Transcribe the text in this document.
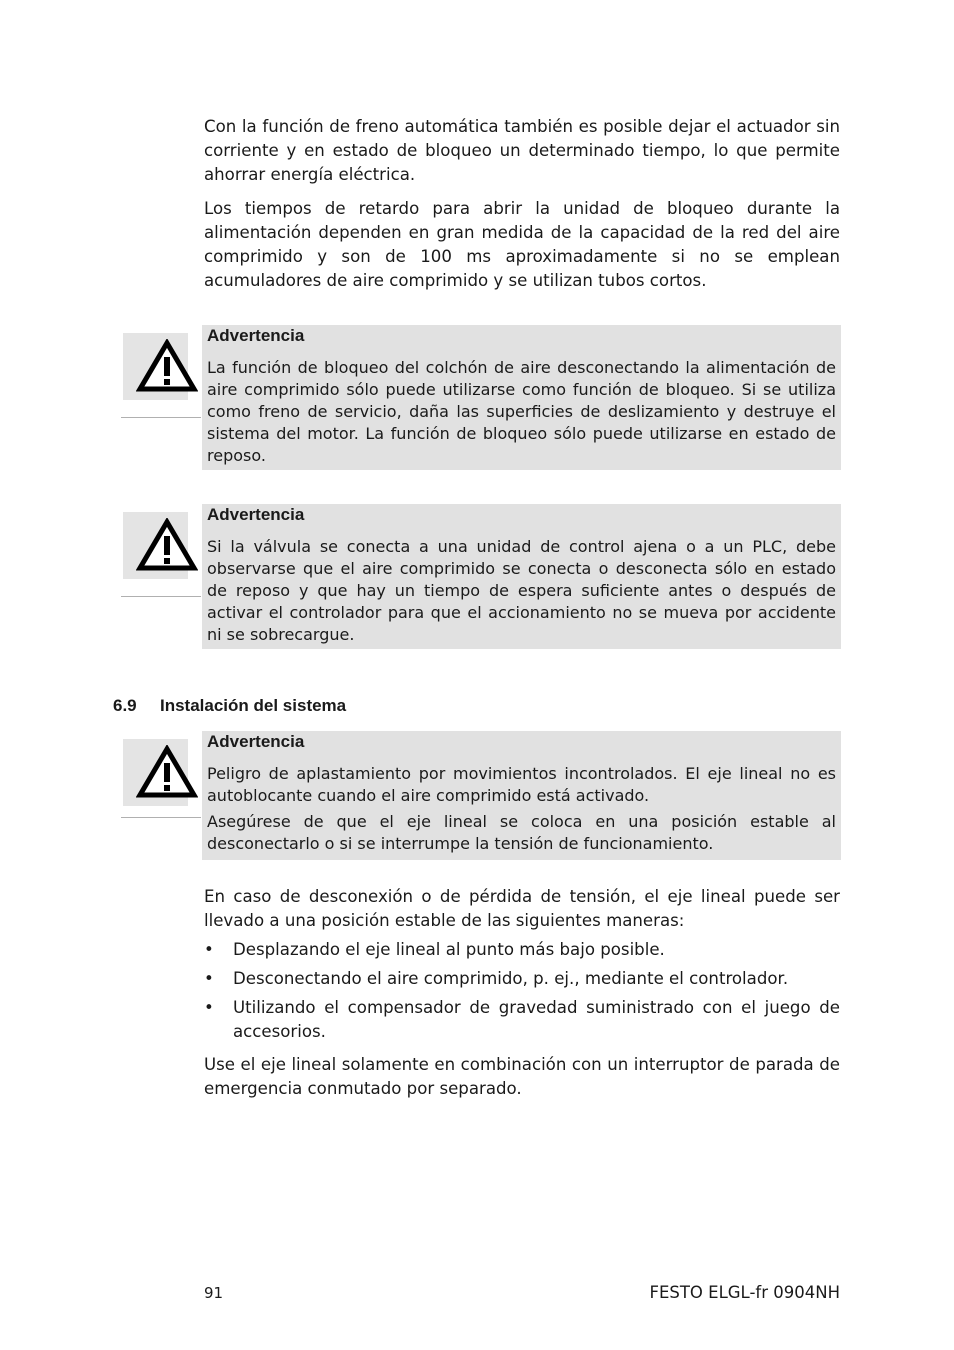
Con la función de freno automática también es posible dejar el actuador sin corriente y en estado de bloqueo un determinado tiempo, lo que permite ahorrar energía eléctrica.

Los tiempos de retardo para abrir la unidad de bloqueo durante la alimentación dependen en gran medida de la capacidad de la red del aire comprimido y son de 100 ms aproximadamente si no se emplean acumuladores de aire comprimido y se utilizan tubos cortos.

Advertencia

La función de bloqueo del colchón de aire desconectando la alimentación de aire comprimido sólo puede utilizarse como función de bloqueo. Si se utiliza como freno de servicio, daña las superficies de deslizamiento y destruye el sistema del motor. La función de bloqueo sólo puede utilizarse en estado de reposo.

Advertencia

Si la válvula se conecta a una unidad de control ajena o a un PLC, debe observarse que el aire comprimido se conecta o desconecta sólo en estado de reposo y que hay un tiempo de espera suficiente antes o después de activar el controlador para que el accionamiento no se mueva por accidente ni se sobrecargue.

6.9 Instalación del sistema

Advertencia

Peligro de aplastamiento por movimientos incontrolados. El eje lineal no es autoblocante cuando el aire comprimido está activado.

Asegúrese de que el eje lineal se coloca en una posición estable al desconectarlo o si se interrumpe la tensión de funcionamiento.

En caso de desconexión o de pérdida de tensión, el eje lineal puede ser llevado a una posición estable de las siguientes maneras:

• Desplazando el eje lineal al punto más bajo posible.
• Desconectando el aire comprimido, p. ej., mediante el controlador.
• Utilizando el compensador de gravedad suministrado con el juego de accesorios.

Use el eje lineal solamente en combinación con un interruptor de parada de emergencia conmutado por separado.

91	FESTO ELGL-fr 0904NH
